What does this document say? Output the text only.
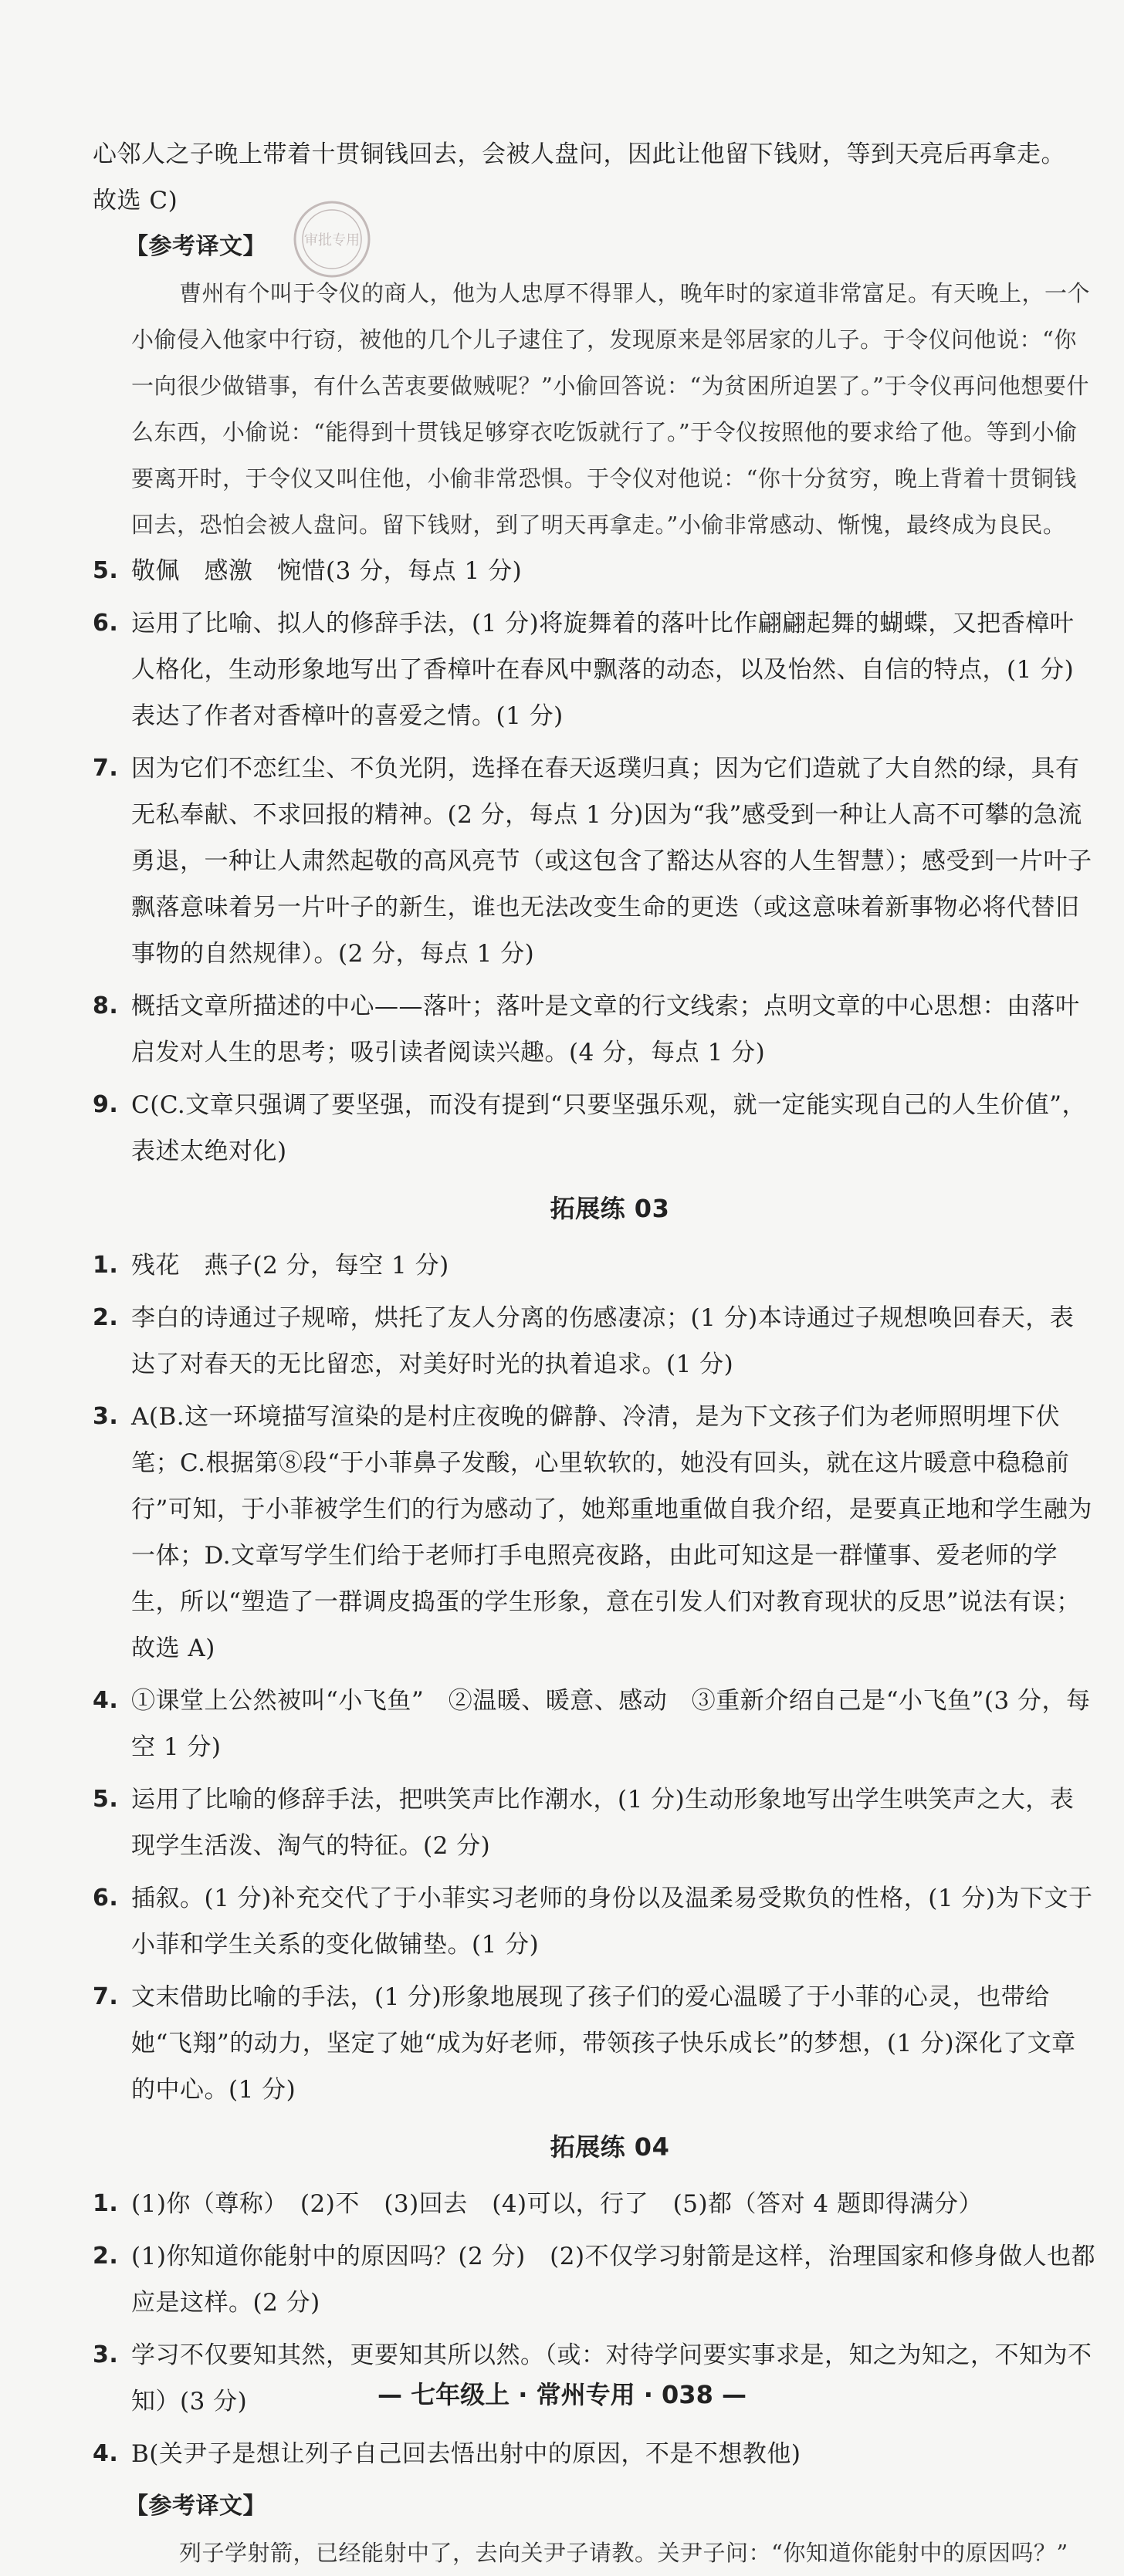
审批专用

心邻人之子晚上带着十贯铜钱回去，会被人盘问，因此让他留下钱财，等到天亮后再拿走。

故选 C)

【参考译文】

曹州有个叫于令仪的商人，他为人忠厚不得罪人，晚年时的家道非常富足。有天晚上，一个小偷侵入他家中行窃，被他的几个儿子逮住了，发现原来是邻居家的儿子。于令仪问他说：“你一向很少做错事，有什么苦衷要做贼呢？”小偷回答说：“为贫困所迫罢了。”于令仪再问他想要什么东西，小偷说：“能得到十贯钱足够穿衣吃饭就行了。”于令仪按照他的要求给了他。等到小偷要离开时，于令仪又叫住他，小偷非常恐惧。于令仪对他说：“你十分贫穷，晚上背着十贯铜钱回去，恐怕会被人盘问。留下钱财，到了明天再拿走。”小偷非常感动、惭愧，最终成为良民。

5. 敬佩　感激　惋惜(3 分，每点 1 分)
6. 运用了比喻、拟人的修辞手法，(1 分)将旋舞着的落叶比作翩翩起舞的蝴蝶，又把香樟叶人格化，生动形象地写出了香樟叶在春风中飘落的动态，以及怡然、自信的特点，(1 分)表达了作者对香樟叶的喜爱之情。(1 分)
7. 因为它们不恋红尘、不负光阴，选择在春天返璞归真；因为它们造就了大自然的绿，具有无私奉献、不求回报的精神。(2 分，每点 1 分)因为“我”感受到一种让人高不可攀的急流勇退，一种让人肃然起敬的高风亮节（或这包含了豁达从容的人生智慧）；感受到一片叶子飘落意味着另一片叶子的新生，谁也无法改变生命的更迭（或这意味着新事物必将代替旧事物的自然规律）。(2 分，每点 1 分)
8. 概括文章所描述的中心——落叶；落叶是文章的行文线索；点明文章的中心思想：由落叶启发对人生的思考；吸引读者阅读兴趣。(4 分，每点 1 分)
9. C(C.文章只强调了要坚强，而没有提到“只要坚强乐观，就一定能实现自己的人生价值”，表述太绝对化)
拓展练 03
1. 残花　燕子(2 分，每空 1 分)
2. 李白的诗通过子规啼，烘托了友人分离的伤感凄凉；(1 分)本诗通过子规想唤回春天，表达了对春天的无比留恋，对美好时光的执着追求。(1 分)
3. A(B.这一环境描写渲染的是村庄夜晚的僻静、冷清，是为下文孩子们为老师照明埋下伏笔；C.根据第⑧段“于小菲鼻子发酸，心里软软的，她没有回头，就在这片暖意中稳稳前行”可知，于小菲被学生们的行为感动了，她郑重地重做自我介绍，是要真正地和学生融为一体；D.文章写学生们给于老师打手电照亮夜路，由此可知这是一群懂事、爱老师的学生，所以“塑造了一群调皮捣蛋的学生形象，意在引发人们对教育现状的反思”说法有误；故选 A)
4. ①课堂上公然被叫“小飞鱼”　②温暖、暖意、感动　③重新介绍自己是“小飞鱼”(3 分，每空 1 分)
5. 运用了比喻的修辞手法，把哄笑声比作潮水，(1 分)生动形象地写出学生哄笑声之大，表现学生活泼、淘气的特征。(2 分)
6. 插叙。(1 分)补充交代了于小菲实习老师的身份以及温柔易受欺负的性格，(1 分)为下文于小菲和学生关系的变化做铺垫。(1 分)
7. 文末借助比喻的手法，(1 分)形象地展现了孩子们的爱心温暖了于小菲的心灵，也带给她“飞翔”的动力，坚定了她“成为好老师，带领孩子快乐成长”的梦想，(1 分)深化了文章的中心。(1 分)
拓展练 04
1. (1)你（尊称）　(2)不　(3)回去　(4)可以，行了　(5)都（答对 4 题即得满分）
2. (1)你知道你能射中的原因吗？(2 分)　(2)不仅学习射箭是这样，治理国家和修身做人也都应是这样。(2 分)
3. 学习不仅要知其然，更要知其所以然。（或：对待学问要实事求是，知之为知之，不知为不知）(3 分)
4. B(关尹子是想让列子自己回去悟出射中的原因，不是不想教他)

【参考译文】

列子学射箭，已经能射中了，去向关尹子请教。关尹子问：“你知道你能射中的原因吗？”

— 七年级上 · 常州专用 · 038 —
